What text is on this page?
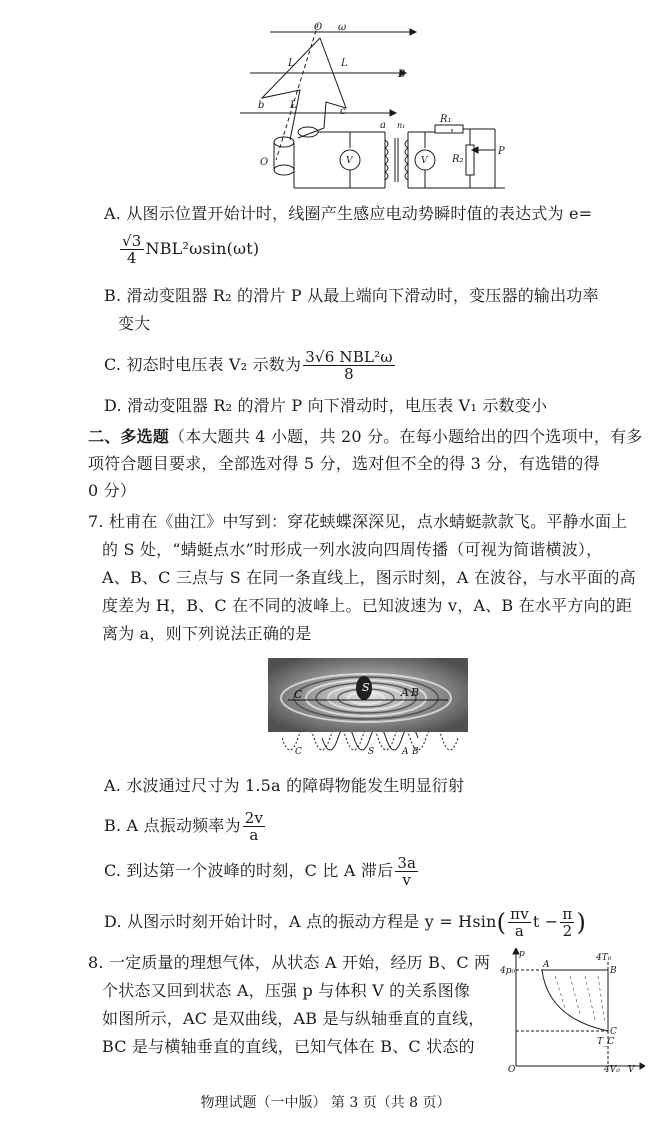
O ω
L	L
B
b	L
c
O	V
a n₁
R₁
V R₂
P
A. 从图示位置开始计时，线圈产生感应电动势瞬时值的表达式为 e=
$\frac{√3}{4} NBL^2\omega\sin(\omega t)$
B. 滑动变阻器 R₂ 的滑片 P 从最上端向下滑动时，变压器的输出功率
变大
C. 初态时电压表 V₂ 示数为 $\frac{\text{3√6 NBL²ω}}{8}$
D. 滑动变阻器 R₂ 的滑片 P 向下滑动时，电压表 V₁ 示数变小
二、多选题（本大题共 4 小题，共 20 分。在每小题给出的四个选项中，有多
项符合题目要求，全部选对得 5 分，选对但不全的得 3 分，有选错的得
0 分）
7. 杜甫在《曲江》中写到：穿花蛱蝶深深见，点水蜻蜓款款飞。平静水面上
的 S 处，“蜻蜓点水”时形成一列水波向四周传播（可视为简谐横波），
A、B、C 三点与 S 在同一条直线上，图示时刻，A 在波谷，与水平面的高
度差为 H，B、C 在不同的波峰上。已知波速为 v，A、B 在水平方向的距
离为 a，则下列说法正确的是
C
S	A B
C	S	A B
A. 水波通过尺寸为 1.5a 的障碍物能发生明显衍射
B. A 点振动频率为 $\frac{2v}{a}$
C. 到达第一个波峰的时刻，C 比 A 滞后 $\frac{3a}{v}$
D. 从图示时刻开始计时，A 点的振动方程是 $y = Hsin( \frac{\pi v}{a}$ $t - \frac{\pi}{2}$ )
8. 一定质量的理想气体，从状态 A 开始，经历 B、C 两
个状态又回到状态 A，压强 p 与体积 V 的关系图像
如图所示，AC 是双曲线，AB 是与纵轴垂直的直线，
BC 是与横轴垂直的直线，已知气体在 B、C 状态的
p
4p₀
A
B
C
4T₀
T_C
O	4V₀ V
物理试题（一中版） 第 3 页（共 8 页）
